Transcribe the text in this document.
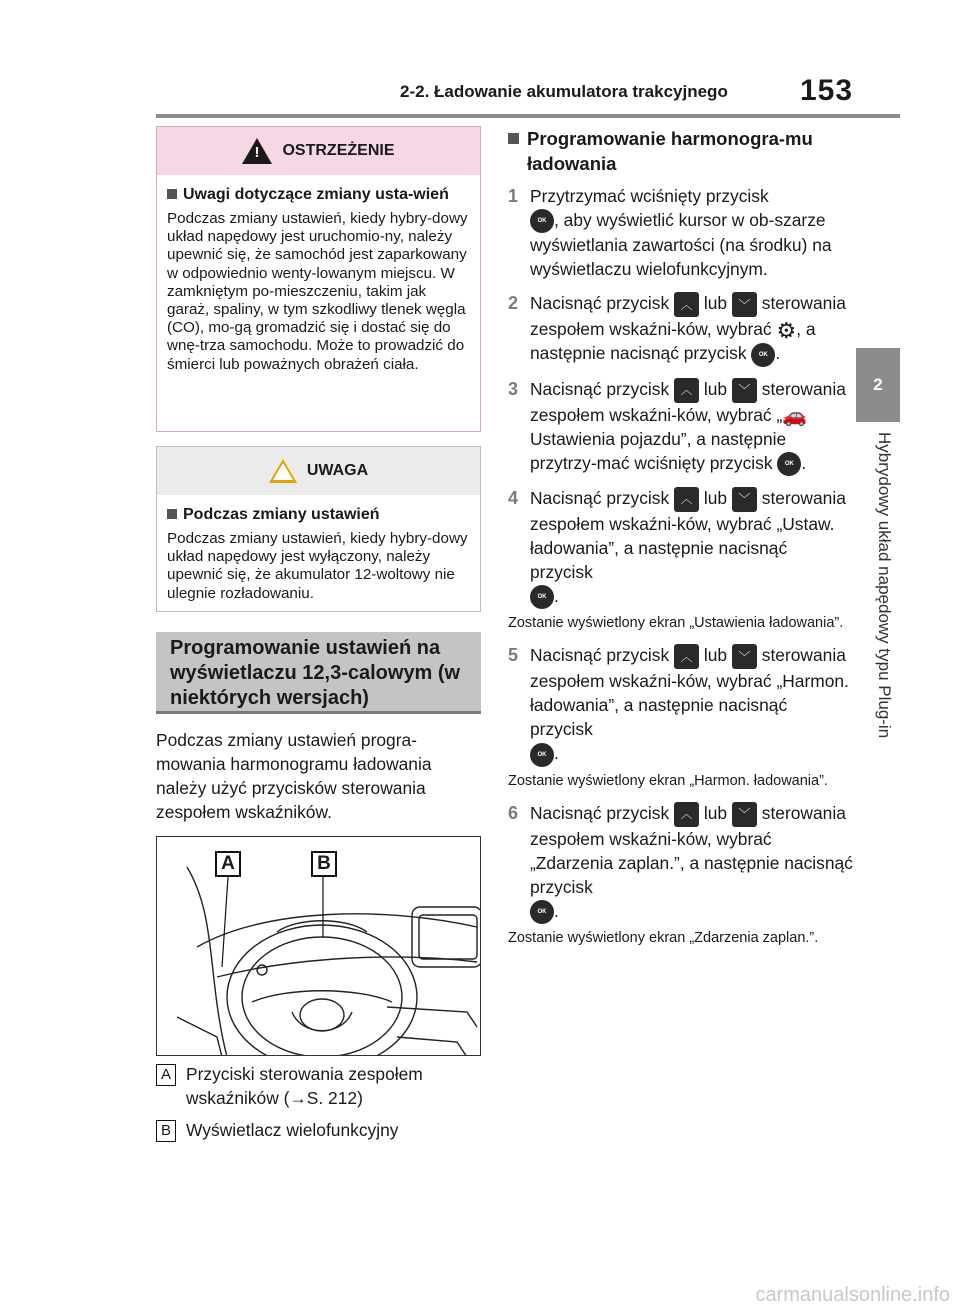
2-2. Ładowanie akumulatora trakcyjnego 153
2
Hybrydowy układ napędowy typu Plug-in
!
OSTRZEŻENIE
Uwagi dotyczące zmiany usta-wień
Podczas zmiany ustawień, kiedy hybry-dowy układ napędowy jest uruchomio-ny, należy upewnić się, że samochód jest zaparkowany w odpowiednio wenty-lowanym miejscu. W zamkniętym po-mieszczeniu, takim jak garaż, spaliny, w tym szkodliwy tlenek węgla (CO), mo-gą gromadzić się i dostać się do wnę-trza samochodu. Może to prowadzić do śmierci lub poważnych obrażeń ciała.
UWAGA
Podczas zmiany ustawień
Podczas zmiany ustawień, kiedy hybry-dowy układ napędowy jest wyłączony, należy upewnić się, że akumulator 12-woltowy nie ulegnie rozładowaniu.
Programowanie ustawień na wyświetlaczu 12,3-calowym (w niektórych wersjach)
Podczas zmiany ustawień progra-mowania harmonogramu ładowania należy użyć przycisków sterowania zespołem wskaźników.
A	B
A Przyciski sterowania zespołem wskaźników (→S. 212)
B Wyświetlacz wielofunkcyjny
Programowanie harmonogra-mu ładowania
1 Przytrzymać wciśnięty przycisk
OK , aby wyświetlić kursor w ob-szarze wyświetlania zawartości (na środku) na wyświetlaczu wielofunkcyjnym.
2 Nacisnąć przycisk ︿ lub ﹀ sterowania zespołem wskaźni-ków, wybrać ⚙, a następnie nacisnąć przycisk OK .
3 Nacisnąć przycisk ︿ lub ﹀ sterowania zespołem wskaźni-ków, wybrać „🚗 Ustawienia pojazdu”, a następnie przytrzy-mać wciśnięty przycisk OK .
4 Nacisnąć przycisk ︿ lub ﹀ sterowania zespołem wskaźni-ków, wybrać „Ustaw. ładowania”, a następnie nacisnąć przycisk
OK .
Zostanie wyświetlony ekran „Ustawienia ładowania”.
5 Nacisnąć przycisk ︿ lub ﹀ sterowania zespołem wskaźni-ków, wybrać „Harmon. ładowania”, a następnie nacisnąć przycisk
OK .
Zostanie wyświetlony ekran „Harmon. ładowania”.
6 Nacisnąć przycisk ︿ lub ﹀ sterowania zespołem wskaźni-ków, wybrać „Zdarzenia zaplan.”, a następnie nacisnąć przycisk
OK .
Zostanie wyświetlony ekran „Zdarzenia zaplan.”.
carmanualsonline.info
